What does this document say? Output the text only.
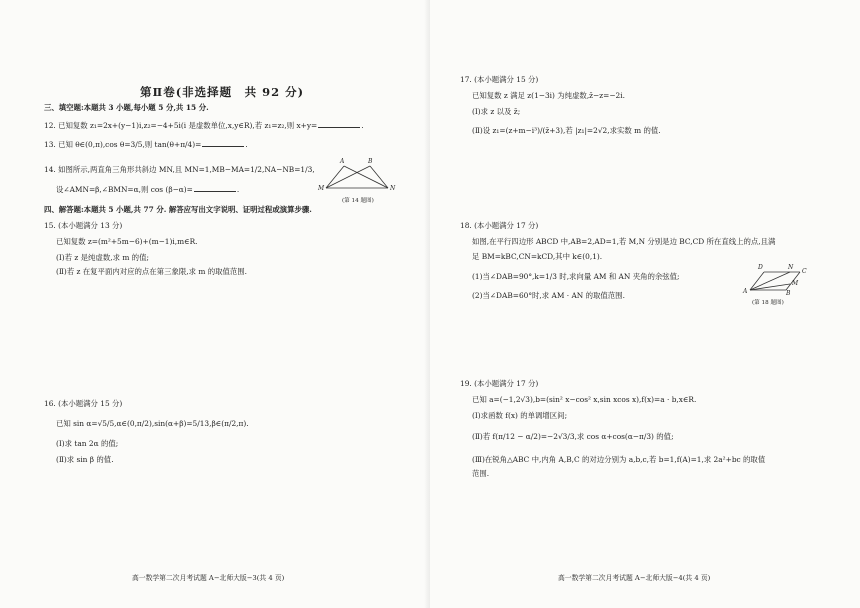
第Ⅱ卷(非选择题　共 92 分)
三、填空题:本题共 3 小题,每小题 5 分,共 15 分.
12. 已知复数 z₁=2x+(y−1)i,z₂=−4+5i(i 是虚数单位,x,y∈R),若 z₁=z₂,则 x+y=	.
13. 已知 θ∈(0,π),cos θ=3/5,则 tan(θ+π/4)=	.
14. 如图所示,两直角三角形共斜边 MN,且 MN=1,MB−MA=1/2,NA−NB=1/3,
设∠AMN=β,∠BMN=α,则 cos (β−α)=	.
A	B
M	N
(第 14 题图)
四、解答题:本题共 5 小题,共 77 分. 解答应写出文字说明、证明过程或演算步骤.
15. (本小题满分 13 分)
已知复数 z=(m²+5m−6)+(m−1)i,m∈R.
(Ⅰ)若 z 是纯虚数,求 m 的值;
(Ⅱ)若 z 在复平面内对应的点在第三象限,求 m 的取值范围.
16. (本小题满分 15 分)
已知 sin α=√5/5,α∈(0,π/2),sin(α+β)=5/13,β∈(π/2,π).
(Ⅰ)求 tan 2α 的值;
(Ⅱ)求 sin β 的值.
高一数学第二次月考试题 A−北师大版−3(共 4 页)
17. (本小题满分 15 分)
已知复数 z 满足 z(1−3i) 为纯虚数,z̄−z=−2i.
(Ⅰ)求 z 以及 z̄;
(Ⅱ)设 z₁=(z+m−i³)/(z̄+3),若 |z₁|=2√2,求实数 m 的值.
18. (本小题满分 17 分)
如图,在平行四边形 ABCD 中,AB=2,AD=1,若 M,N 分别是边 BC,CD 所在直线上的点,且满
足 BM=kBC,CN=kCD,其中 k∈(0,1).
(1)当∠DAB=90°,k=1/3 时,求向量 AM 和 AN 夹角的余弦值;
(2)当∠DAB=60°时,求 AM · AN 的取值范围.
D	N
C
A
M
B
(第 18 题图)
19. (本小题满分 17 分)
已知 a=(−1,2√3),b=(sin² x−cos² x,sin xcos x),f(x)=a · b,x∈R.
(Ⅰ)求函数 f(x) 的单调增区间;
(Ⅱ)若 f(π/12 − α/2)=−2√3/3,求 cos α+cos(α−π/3) 的值;
(Ⅲ)在锐角△ABC 中,内角 A,B,C 的对边分别为 a,b,c,若 b=1,f(A)=1,求 2a²+bc 的取值
范围.
高一数学第二次月考试题 A−北师大版−4(共 4 页)
